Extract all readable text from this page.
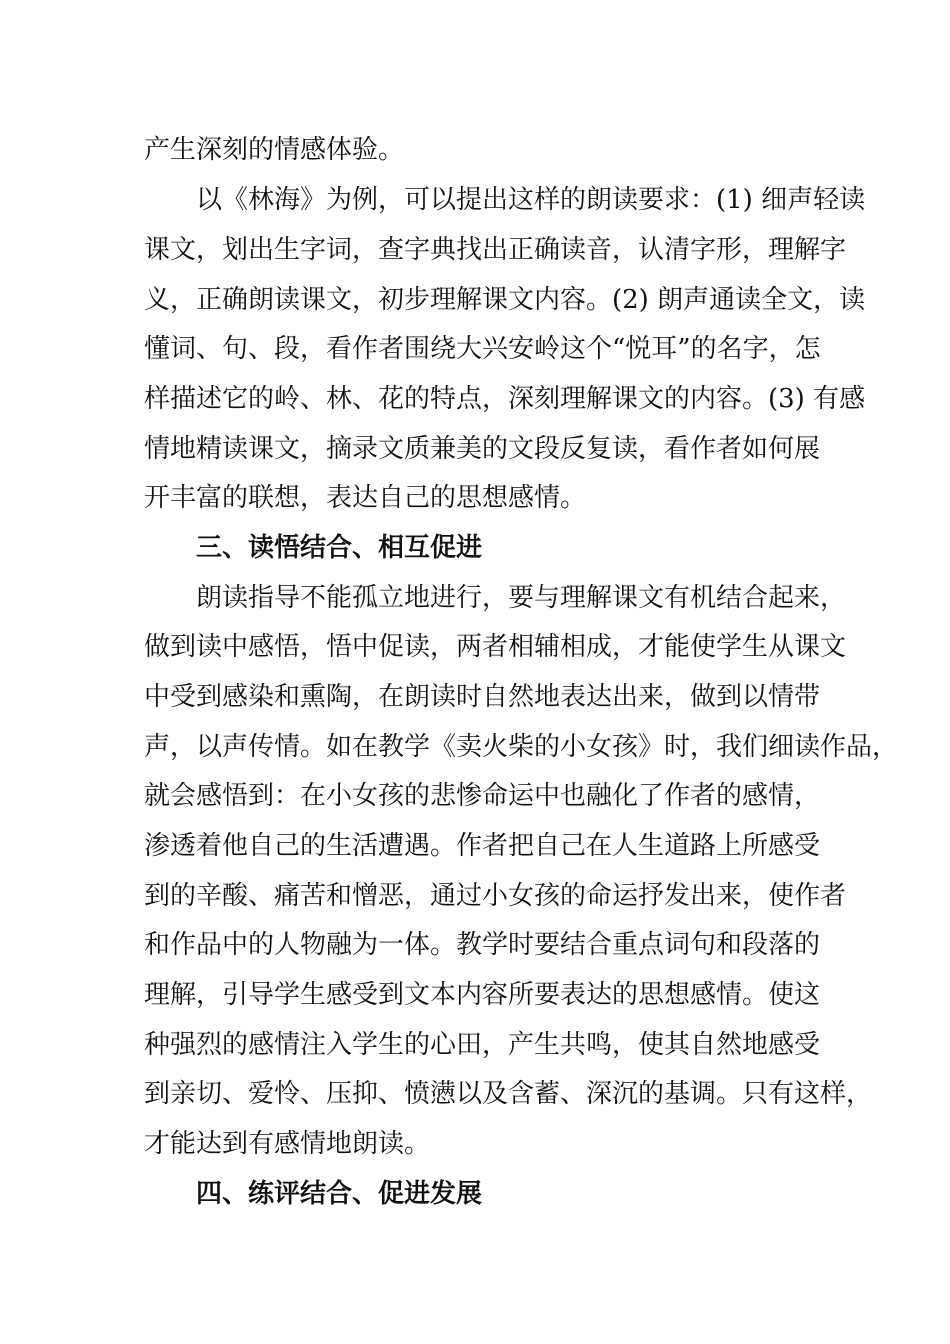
产生深刻的情感体验。
以《林海》为例，可以提出这样的朗读要求：(1) 细声轻读
课文，划出生字词，查字典找出正确读音，认清字形，理解字
义，正确朗读课文，初步理解课文内容。(2) 朗声通读全文，读
懂词、句、段，看作者围绕大兴安岭这个“悦耳”的名字，怎
样描述它的岭、林、花的特点，深刻理解课文的内容。(3) 有感
情地精读课文，摘录文质兼美的文段反复读，看作者如何展
开丰富的联想，表达自己的思想感情。
三、读悟结合、相互促进
朗读指导不能孤立地进行，要与理解课文有机结合起来，
做到读中感悟，悟中促读，两者相辅相成，才能使学生从课文
中受到感染和熏陶，在朗读时自然地表达出来，做到以情带
声，以声传情。如在教学《卖火柴的小女孩》时，我们细读作品，
就会感悟到：在小女孩的悲惨命运中也融化了作者的感情，
渗透着他自己的生活遭遇。作者把自己在人生道路上所感受
到的辛酸、痛苦和憎恶，通过小女孩的命运抒发出来，使作者
和作品中的人物融为一体。教学时要结合重点词句和段落的
理解，引导学生感受到文本内容所要表达的思想感情。使这
种强烈的感情注入学生的心田，产生共鸣，使其自然地感受
到亲切、爱怜、压抑、愤懑以及含蓄、深沉的基调。只有这样，
才能达到有感情地朗读。
四、练评结合、促进发展
